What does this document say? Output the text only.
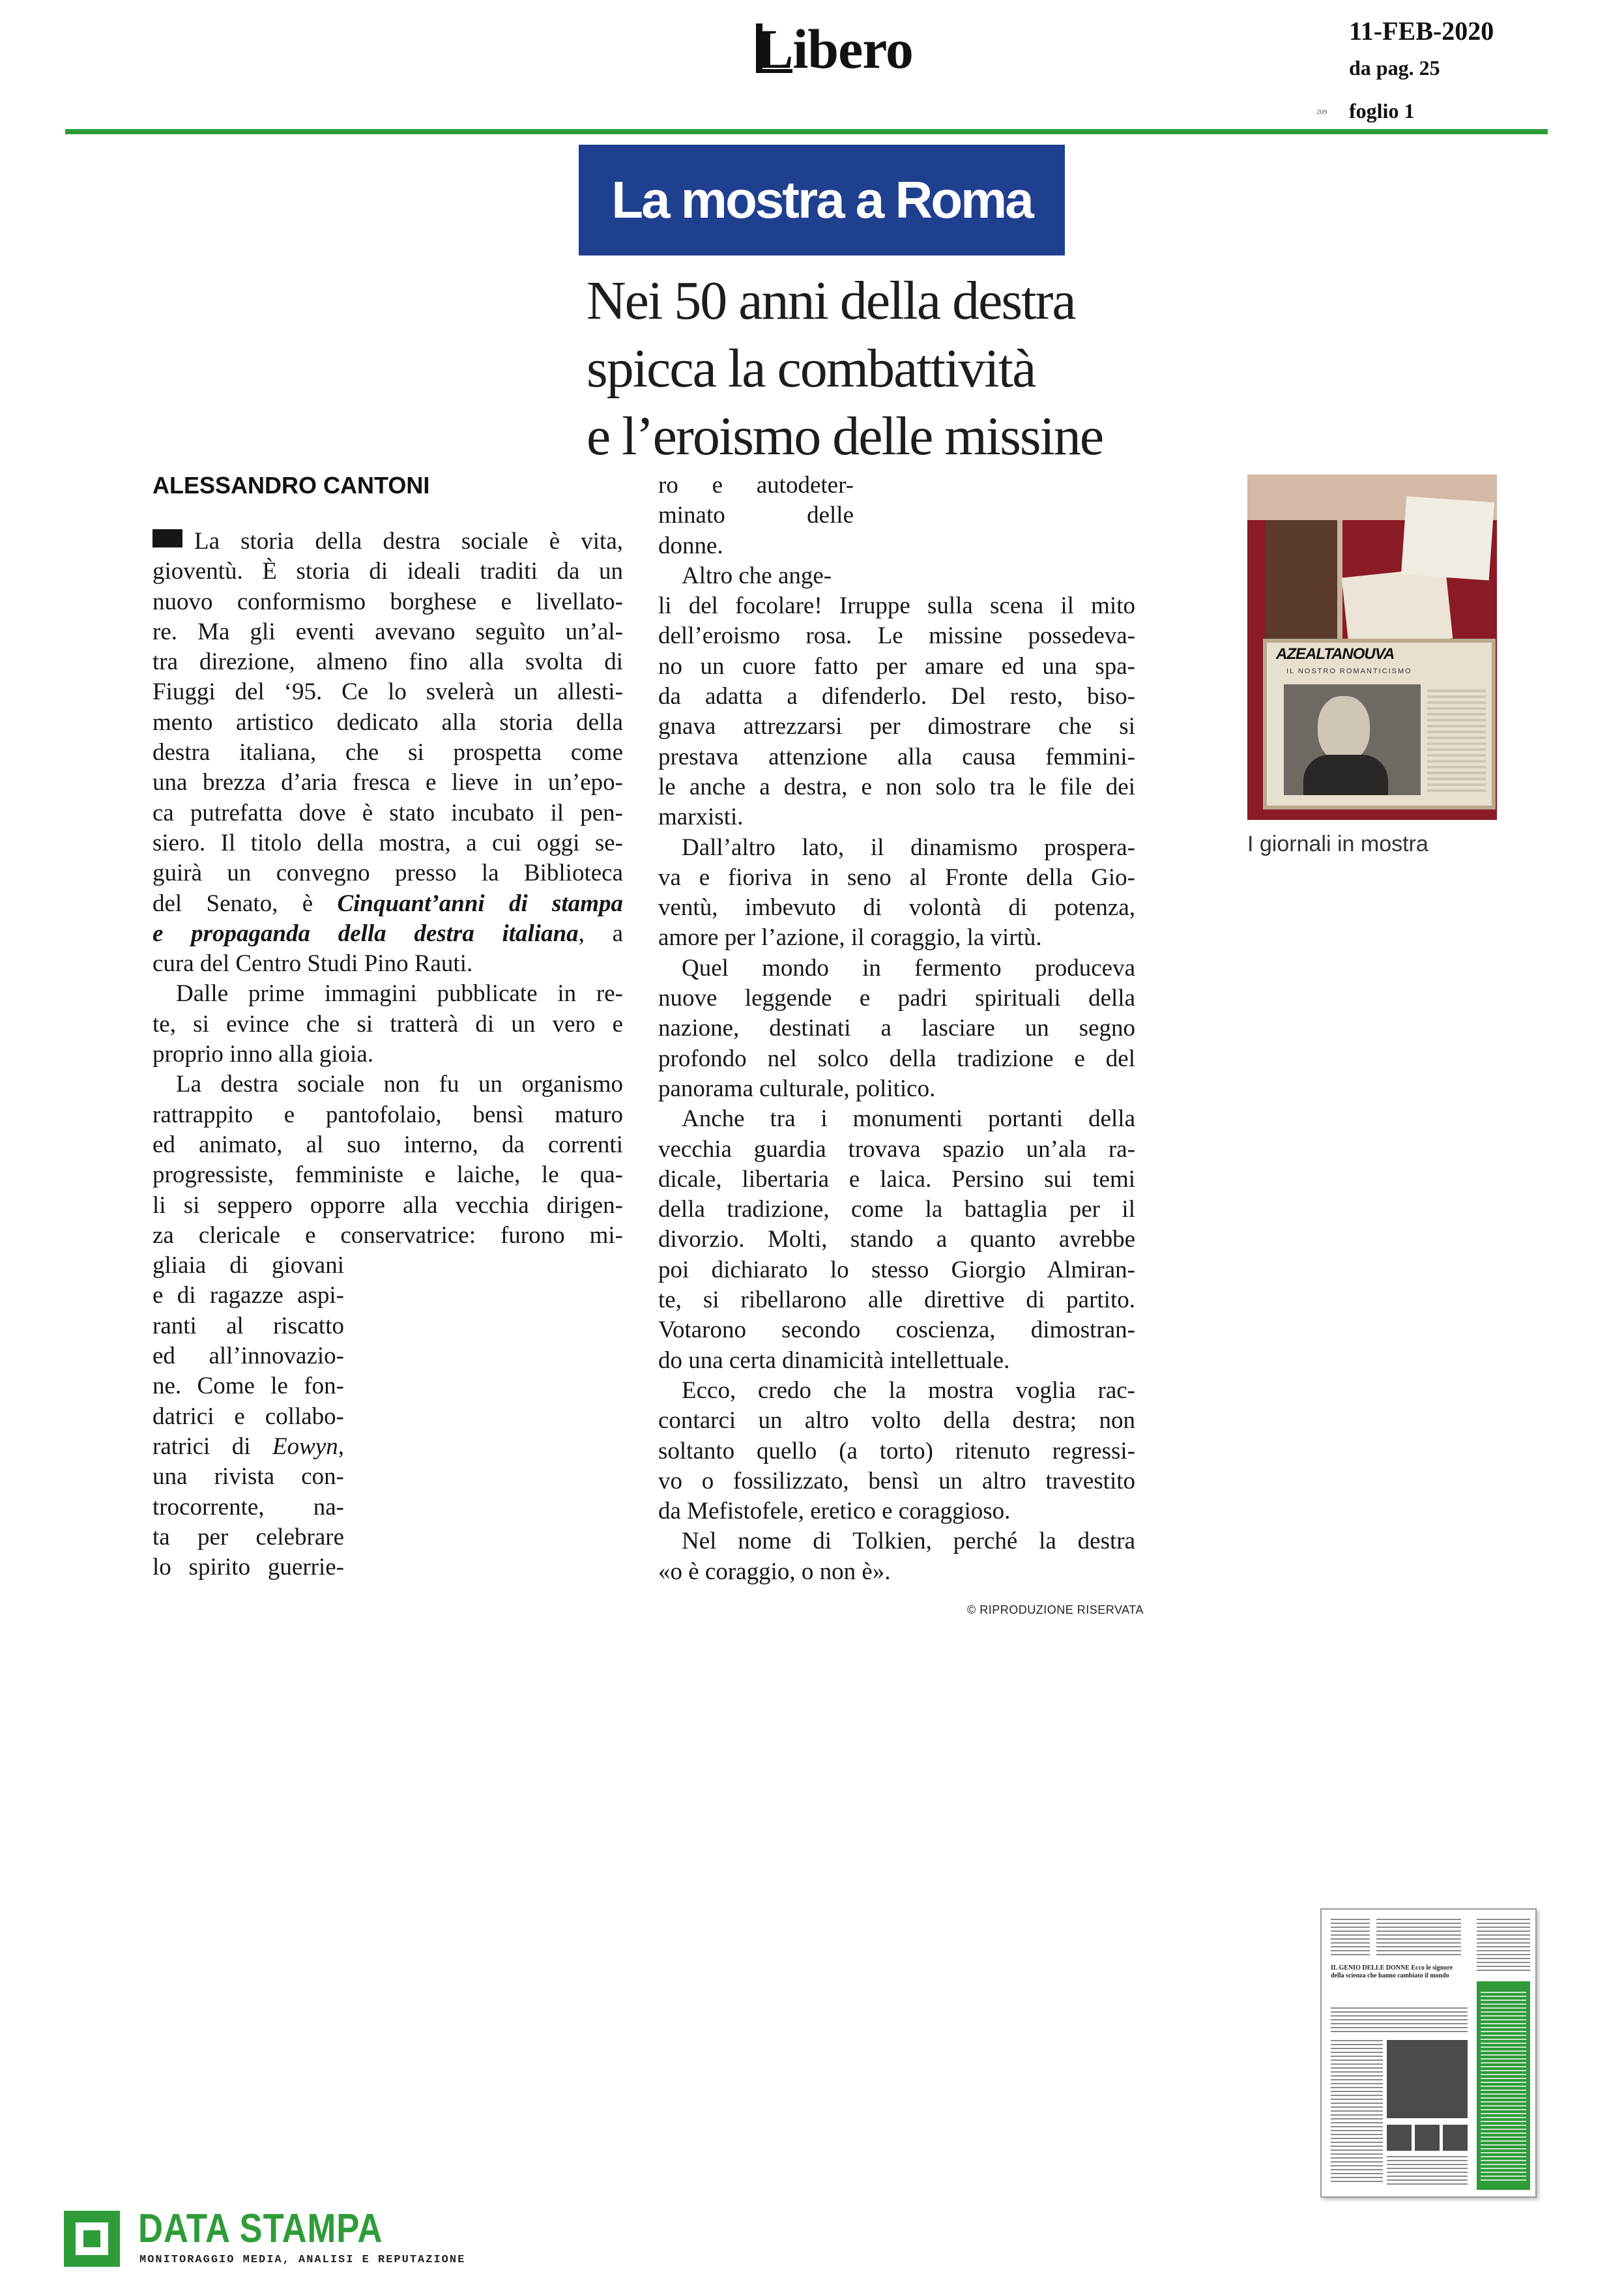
Libero	11-FEB-2020
da pag. 25
209 foglio 1
La mostra a Roma
Nei 50 anni della destra
spicca la combattività
e l’eroismo delle missine
ALESSANDRO CANTONI
La storia della destra sociale è vita,
gioventù. È storia di ideali traditi da un
nuovo conformismo borghese e livellato-
re. Ma gli eventi avevano seguìto un’al-
tra direzione, almeno fino alla svolta di
Fiuggi del ‘95. Ce lo svelerà un allesti-
mento artistico dedicato alla storia della
destra italiana, che si prospetta come
una brezza d’aria fresca e lieve in un’epo-
ca putrefatta dove è stato incubato il pen-
siero. Il titolo della mostra, a cui oggi se-
guirà un convegno presso la Biblioteca
del Senato, è Cinquant’anni di stampa
e propaganda della destra italiana, a
cura del Centro Studi Pino Rauti.
Dalle prime immagini pubblicate in re-
te, si evince che si tratterà di un vero e
proprio inno alla gioia.
La destra sociale non fu un organismo
rattrappito e pantofolaio, bensì maturo
ed animato, al suo interno, da correnti
progressiste, femministe e laiche, le qua-
li si seppero opporre alla vecchia dirigen-
za clericale e conservatrice: furono mi-
gliaia di giovani
e di ragazze aspi-
ranti al riscatto
ed all’innovazio-
ne. Come le fon-
datrici e collabo-
ratrici di Eowyn,
una rivista con-
trocorrente, na-
ta per celebrare
lo spirito guerrie-
ro e autodeter-
minato delle
donne.
Altro che ange-
li del focolare! Irruppe sulla scena il mito
dell’eroismo rosa. Le missine possedeva-
no un cuore fatto per amare ed una spa-
da adatta a difenderlo. Del resto, biso-
gnava attrezzarsi per dimostrare che si
prestava attenzione alla causa femmini-
le anche a destra, e non solo tra le file dei
marxisti.
Dall’altro lato, il dinamismo prospera-
va e fioriva in seno al Fronte della Gio-
ventù, imbevuto di volontà di potenza,
amore per l’azione, il coraggio, la virtù.
Quel mondo in fermento produceva
nuove leggende e padri spirituali della
nazione, destinati a lasciare un segno
profondo nel solco della tradizione e del
panorama culturale, politico.
Anche tra i monumenti portanti della
vecchia guardia trovava spazio un’ala ra-
dicale, libertaria e laica. Persino sui temi
della tradizione, come la battaglia per il
divorzio. Molti, stando a quanto avrebbe
poi dichiarato lo stesso Giorgio Almiran-
te, si ribellarono alle direttive di partito.
Votarono secondo coscienza, dimostran-
do una certa dinamicità intellettuale.
Ecco, credo che la mostra voglia rac-
contarci un altro volto della destra; non
soltanto quello (a torto) ritenuto regressi-
vo o fossilizzato, bensì un altro travestito
da Mefistofele, eretico e coraggioso.
Nel nome di Tolkien, perché la destra
«o è coraggio, o non è».
© RIPRODUZIONE RISERVATA
AZEALTANOUVA
IL NOSTRO ROMANTICISMO
I giornali in mostra
IL GENIO DELLE DONNE Ecco le signore della scienza che hanno cambiato il mondo
DATA STAMPA
MONITORAGGIO MEDIA, ANALISI E REPUTAZIONE
